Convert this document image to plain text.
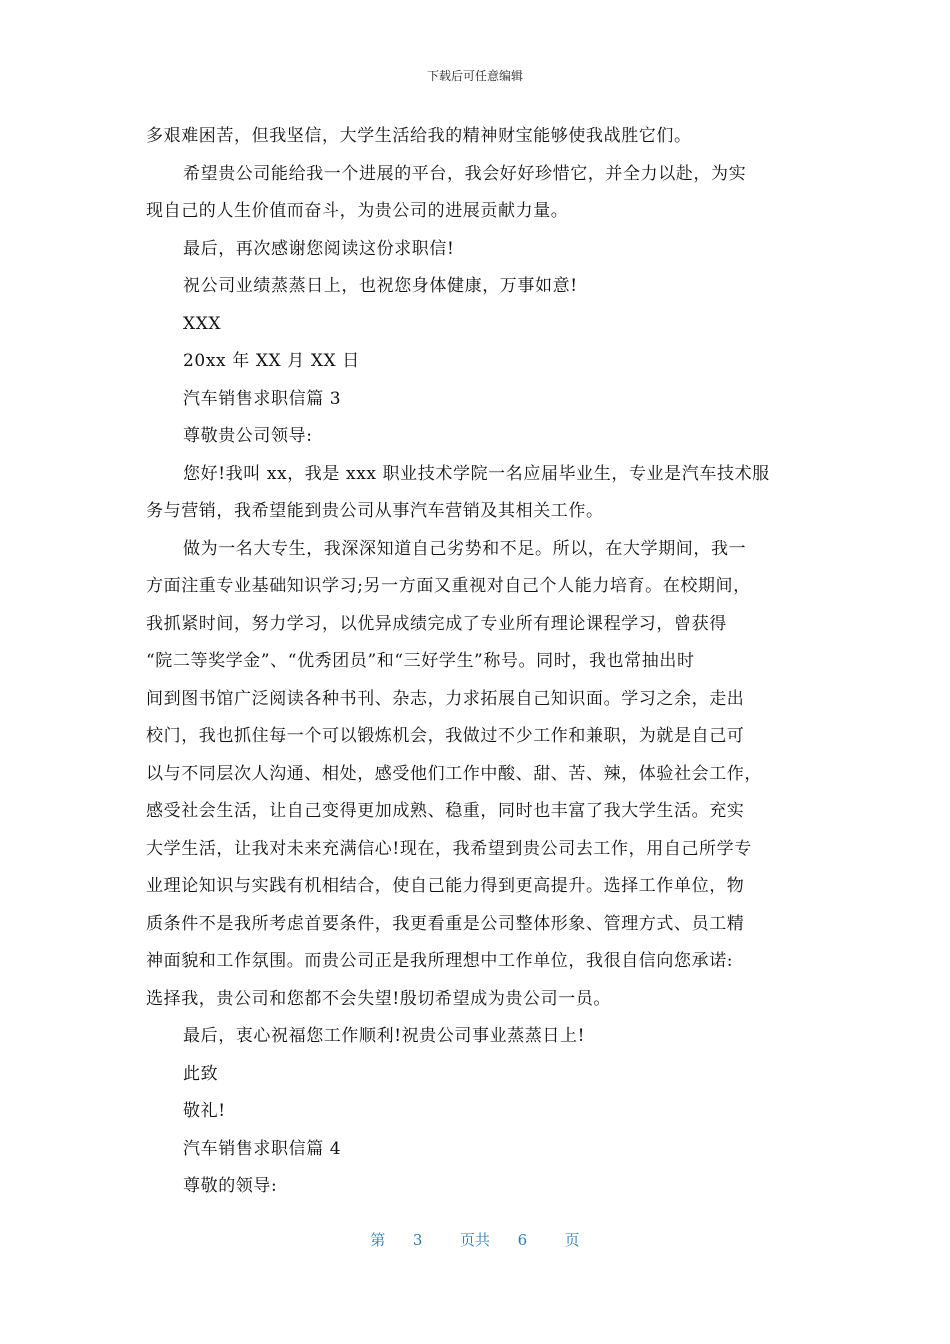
下载后可任意编辑
多艰难困苦，但我坚信，大学生活给我的精神财宝能够使我战胜它们。
希望贵公司能给我一个进展的平台，我会好好珍惜它，并全力以赴，为实
现自己的人生价值而奋斗，为贵公司的进展贡献力量。
最后，再次感谢您阅读这份求职信!
祝公司业绩蒸蒸日上，也祝您身体健康，万事如意!
XXX
20xx 年 XX 月 XX 日
汽车销售求职信篇 3
尊敬贵公司领导:
您好!我叫 xx，我是 xxx 职业技术学院一名应届毕业生，专业是汽车技术服
务与营销，我希望能到贵公司从事汽车营销及其相关工作。
做为一名大专生，我深深知道自己劣势和不足。所以，在大学期间，我一
方面注重专业基础知识学习;另一方面又重视对自己个人能力培育。在校期间，
我抓紧时间，努力学习，以优异成绩完成了专业所有理论课程学习，曾获得
“院二等奖学金”、“优秀团员”和“三好学生”称号。同时，我也常抽出时
间到图书馆广泛阅读各种书刊、杂志，力求拓展自己知识面。学习之余，走出
校门，我也抓住每一个可以锻炼机会，我做过不少工作和兼职，为就是自己可
以与不同层次人沟通、相处，感受他们工作中酸、甜、苦、辣，体验社会工作，
感受社会生活，让自己变得更加成熟、稳重，同时也丰富了我大学生活。充实
大学生活，让我对未来充满信心!现在，我希望到贵公司去工作，用自己所学专
业理论知识与实践有机相结合，使自己能力得到更高提升。选择工作单位，物
质条件不是我所考虑首要条件，我更看重是公司整体形象、管理方式、员工精
神面貌和工作氛围。而贵公司正是我所理想中工作单位，我很自信向您承诺:
选择我，贵公司和您都不会失望!殷切希望成为贵公司一员。
最后，衷心祝福您工作顺利!祝贵公司事业蒸蒸日上!
此致
敬礼!
汽车销售求职信篇 4
尊敬的领导:
第 3	页共 6	页
